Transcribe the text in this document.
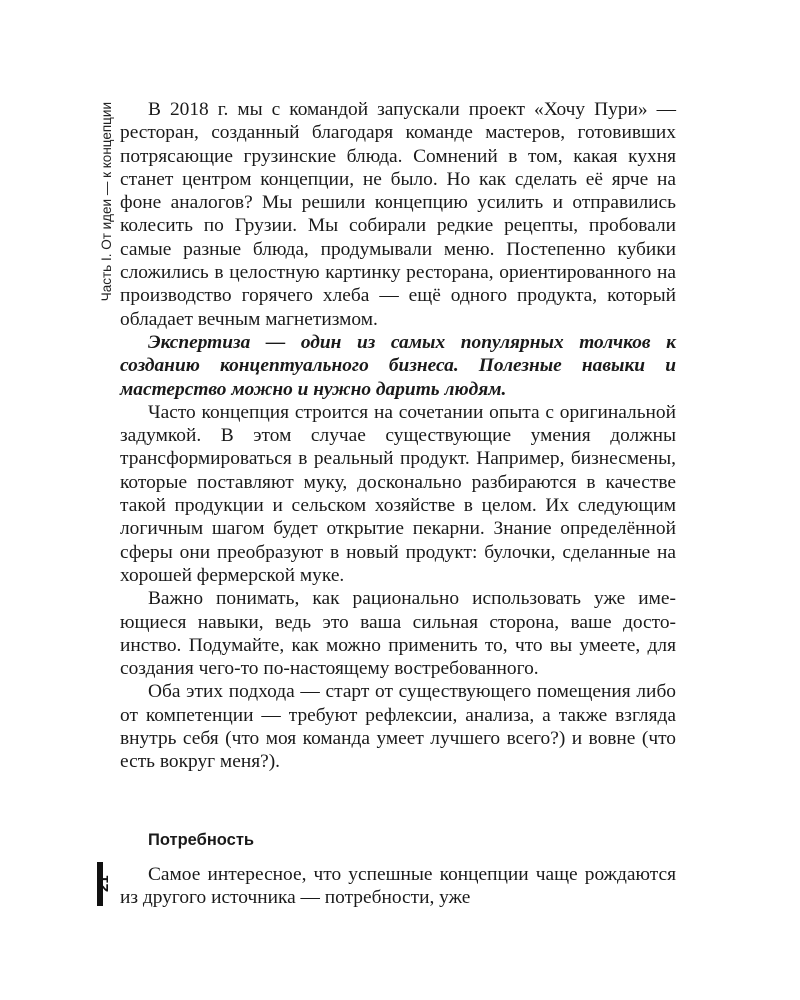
Часть I. От идеи — к концепции
21

В 2018 г. мы с командой запускали проект «Хочу Пури» — ресторан, созданный благодаря команде мастеров, готовивших потрясающие грузинские блюда. Сомнений в том, какая кухня станет центром концепции, не было. Но как сделать её ярче на фоне аналогов? Мы решили концепцию усилить и отправились колесить по Грузии. Мы собирали редкие рецепты, пробовали самые разные блюда, продумывали меню. Постепенно кубики сложились в целостную картинку ресторана, ориентированного на производство горячего хлеба — ещё одного продукта, который обладает вечным магнетизмом.

Экспертиза — один из самых популярных толчков к созданию концептуального бизнеса. Полезные навыки и мастерство можно и нужно дарить людям.

Часто концепция строится на сочетании опыта с оригинальной задумкой. В этом случае существующие умения должны трансформироваться в реальный продукт. Например, бизнесмены, которые поставляют муку, досконально разбираются в качестве такой продукции и сельском хозяйстве в целом. Их следующим логичным шагом будет открытие пекарни. Знание определённой сферы они преобразуют в новый продукт: булочки, сделанные на хорошей фермерской муке.

Важно понимать, как рационально использовать уже имеющиеся навыки, ведь это ваша сильная сторона, ваше достоинство. Подумайте, как можно применить то, что вы умеете, для создания чего-то по-настоящему востребованного.

Оба этих подхода — старт от существующего помещения либо от компетенции — требуют рефлексии, анализа, а также взгляда внутрь себя (что моя команда умеет лучшего всего?) и вовне (что есть вокруг меня?).

Потребность

Самое интересное, что успешные концепции чаще рождаются из другого источника — потребности, уже
